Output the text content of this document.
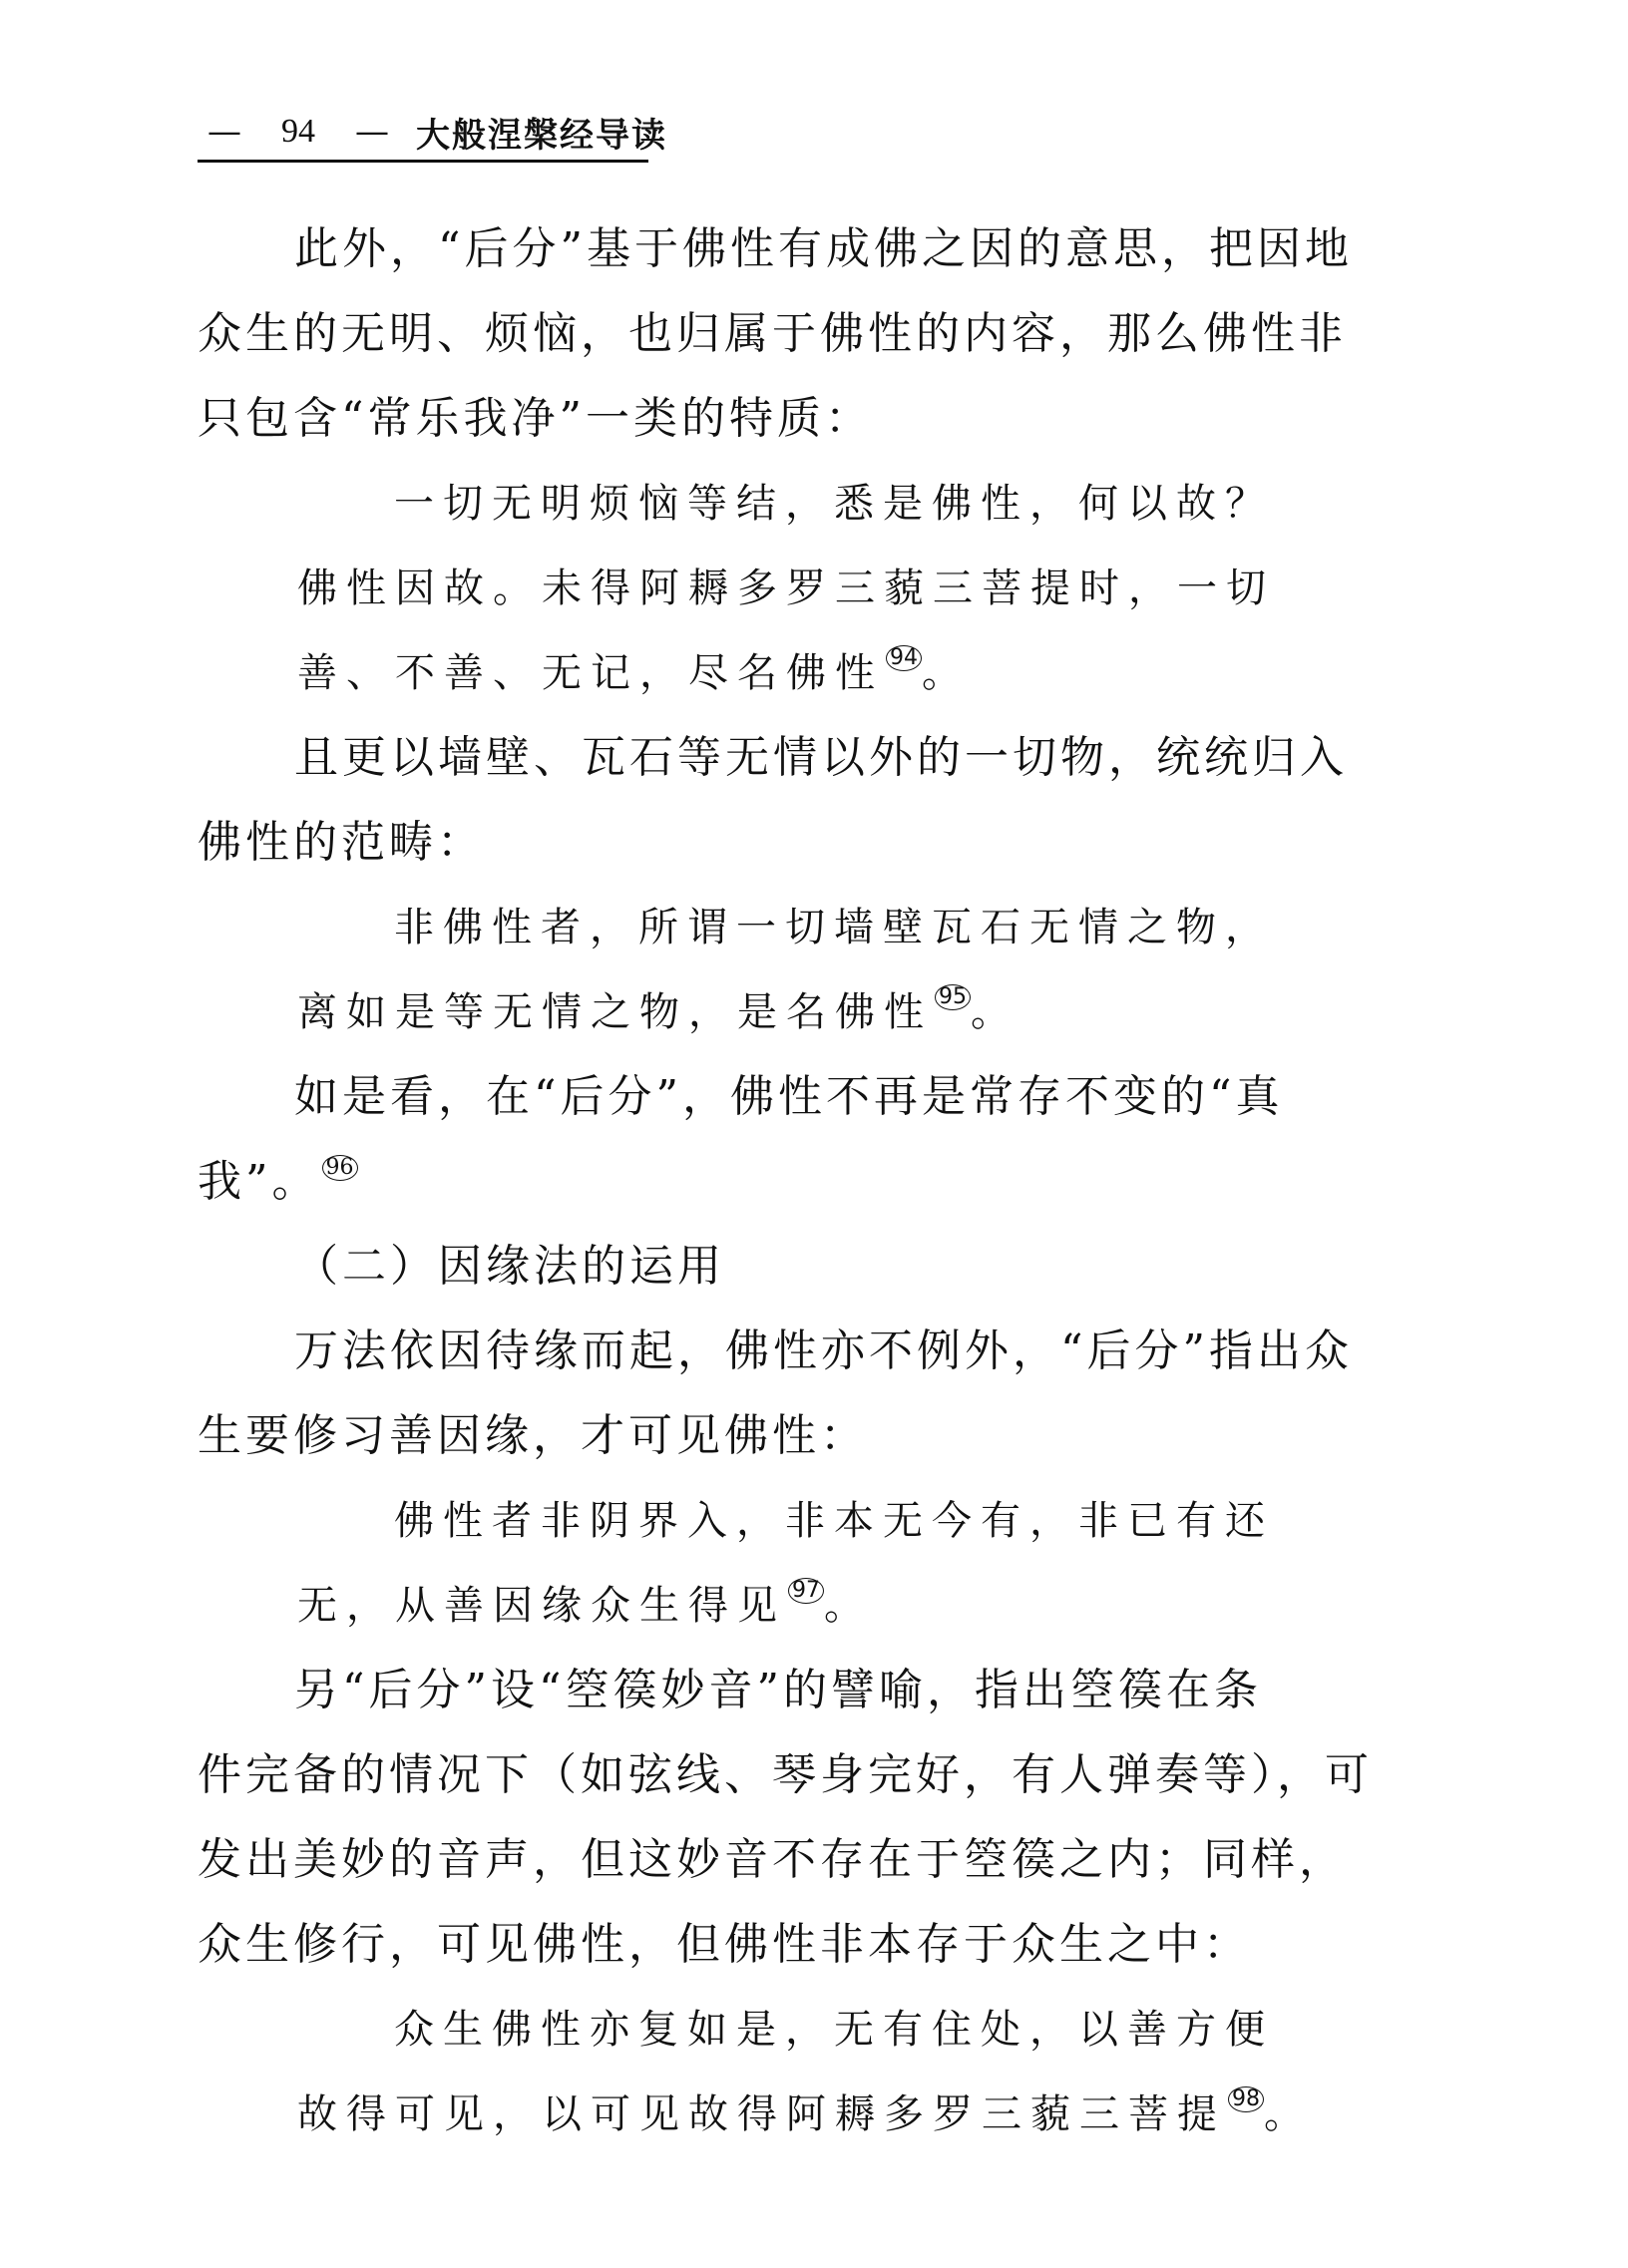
—	94	— 大般涅槃经导读
此外，“后分”基于佛性有成佛之因的意思，把因地
众生的无明、烦恼，也归属于佛性的内容，那么佛性非
只包含“常乐我净”一类的特质：
一切无明烦恼等结，悉是佛性，何以故？
佛性因故。未得阿耨多罗三藐三菩提时，一切
善、不善、无记，尽名佛性 94 。
且更以墙壁、瓦石等无情以外的一切物，统统归入
佛性的范畴：
非佛性者，所谓一切墙壁瓦石无情之物，
离如是等无情之物，是名佛性 95 。
如是看，在“后分”，佛性不再是常存不变的“真
我”。 96
（二）因缘法的运用
万法依因待缘而起，佛性亦不例外，“后分”指出众
生要修习善因缘，才可见佛性：
佛性者非阴界入，非本无今有，非已有还
无，从善因缘众生得见 97 。
另“后分”设“箜篌妙音”的譬喻，指出箜篌在条
件完备的情况下（如弦线、琴身完好，有人弹奏等），可
发出美妙的音声，但这妙音不存在于箜篌之内；同样，
众生修行，可见佛性，但佛性非本存于众生之中：
众生佛性亦复如是，无有住处，以善方便
故得可见，以可见故得阿耨多罗三藐三菩提 98 。
